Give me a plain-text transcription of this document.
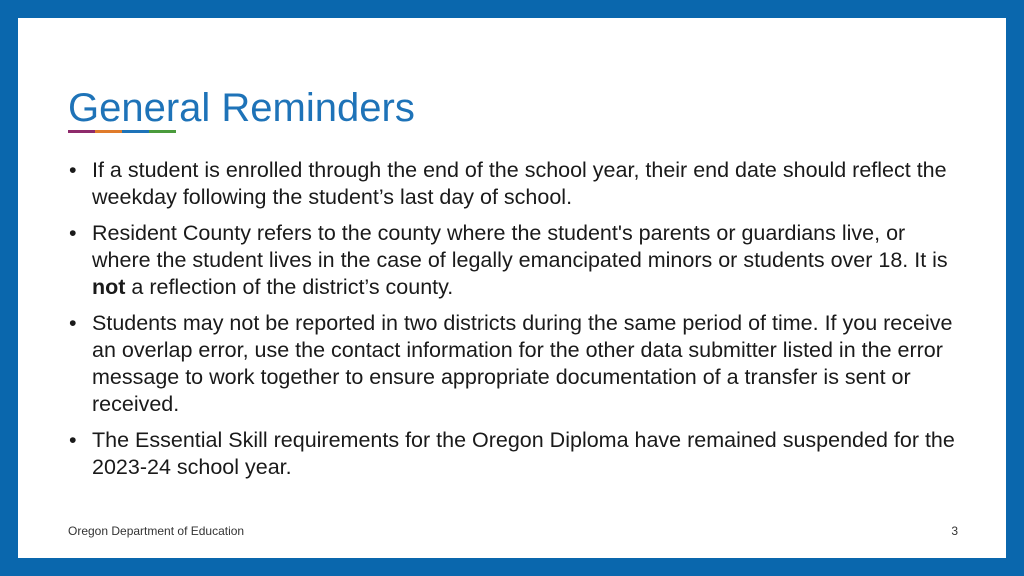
General Reminders
• If a student is enrolled through the end of the school year, their end date should reflect the weekday following the student’s last day of school.
• Resident County refers to the county where the student's parents or guardians live, or where the student lives in the case of legally emancipated minors or students over 18. It is not a reflection of the district’s county.
• Students may not be reported in two districts during the same period of time. If you receive an overlap error, use the contact information for the other data submitter listed in the error message to work together to ensure appropriate documentation of a transfer is sent or received.
• The Essential Skill requirements for the Oregon Diploma have remained suspended for the 2023-24 school year.
Oregon Department of Education	3
